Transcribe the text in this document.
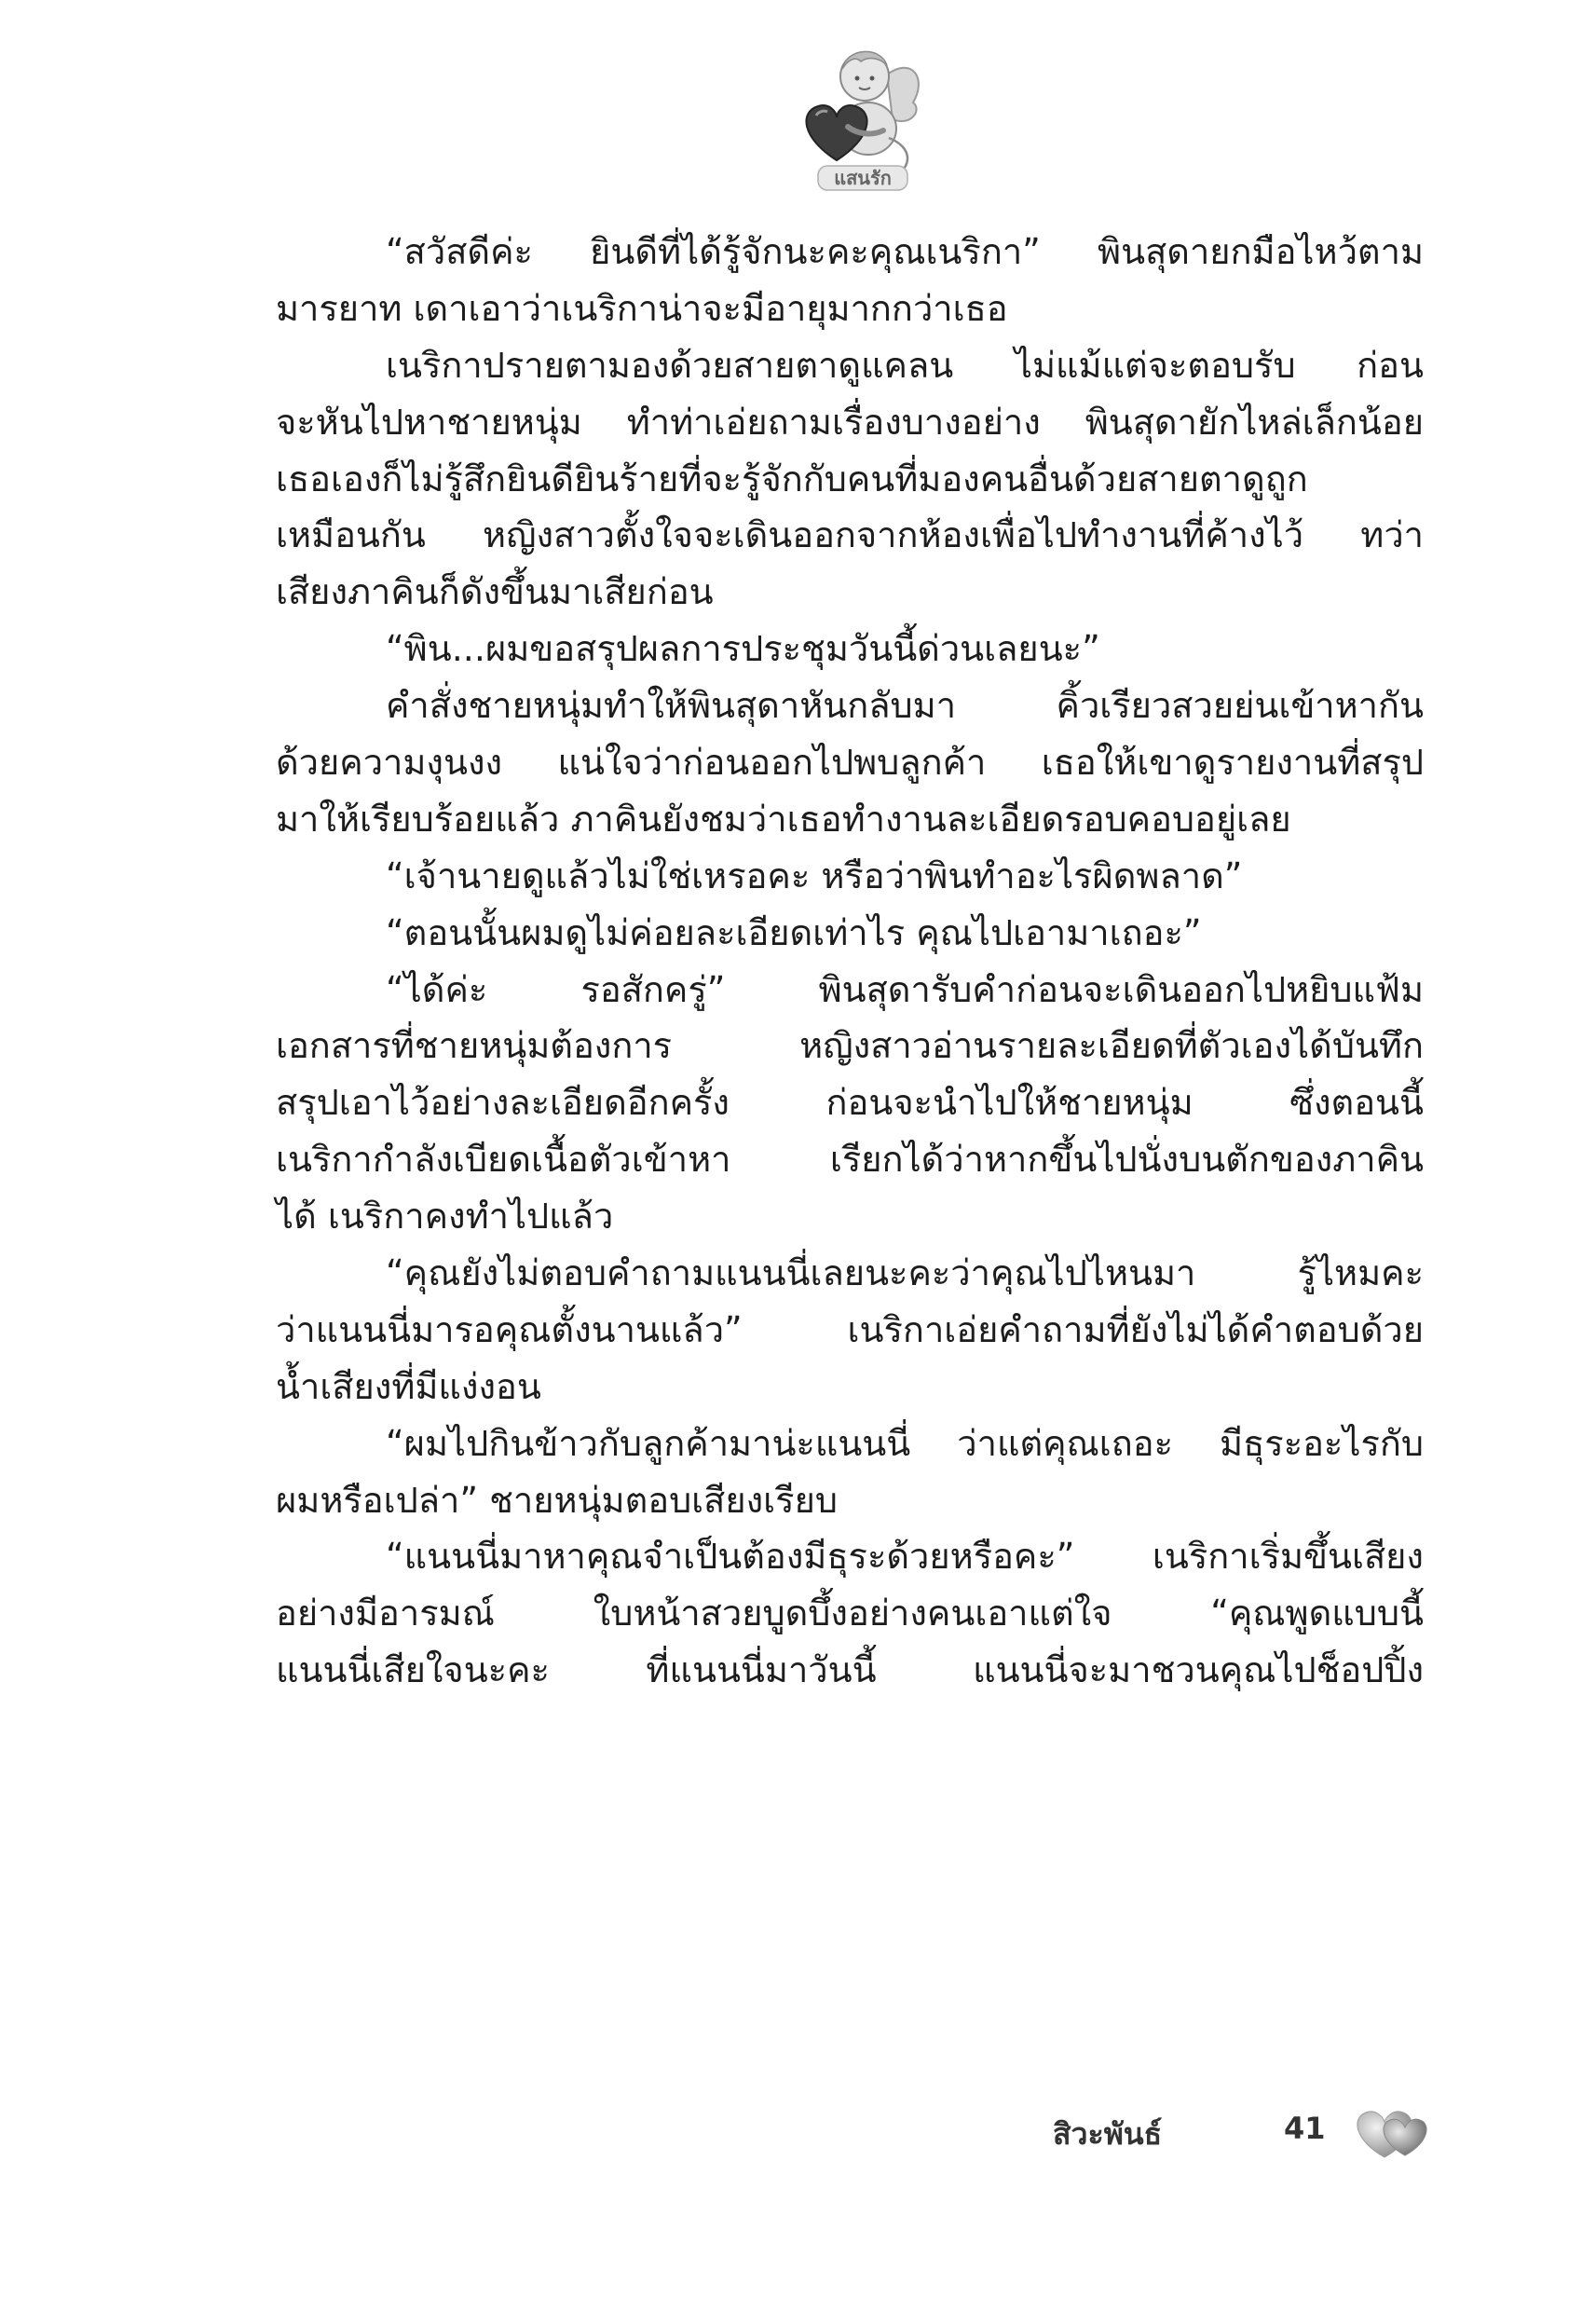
แสนรัก
“สวัสดีค่ะ ยินดีที่ได้รู้จักนะคะคุณเนริกา” พินสุดายกมือไหว้ตาม
มารยาท เดาเอาว่าเนริกาน่าจะมีอายุมากกว่าเธอ
เนริกาปรายตามองด้วยสายตาดูแคลน ไม่แม้แต่จะตอบรับ ก่อน
จะหันไปหาชายหนุ่ม ทำท่าเอ่ยถามเรื่องบางอย่าง พินสุดายักไหล่เล็กน้อย
เธอเองก็ไม่รู้สึกยินดียินร้ายที่จะรู้จักกับคนที่มองคนอื่นด้วยสายตาดูถูก
เหมือนกัน หญิงสาวตั้งใจจะเดินออกจากห้องเพื่อไปทำงานที่ค้างไว้ ทว่า
เสียงภาคินก็ดังขึ้นมาเสียก่อน
“พิน...ผมขอสรุปผลการประชุมวันนี้ด่วนเลยนะ”
คำสั่งชายหนุ่มทำให้พินสุดาหันกลับมา คิ้วเรียวสวยย่นเข้าหากัน
ด้วยความงุนงง แน่ใจว่าก่อนออกไปพบลูกค้า เธอให้เขาดูรายงานที่สรุป
มาให้เรียบร้อยแล้ว ภาคินยังชมว่าเธอทำงานละเอียดรอบคอบอยู่เลย
“เจ้านายดูแล้วไม่ใช่เหรอคะ หรือว่าพินทำอะไรผิดพลาด”
“ตอนนั้นผมดูไม่ค่อยละเอียดเท่าไร คุณไปเอามาเถอะ”
“ได้ค่ะ รอสักครู่” พินสุดารับคำก่อนจะเดินออกไปหยิบแฟ้ม
เอกสารที่ชายหนุ่มต้องการ หญิงสาวอ่านรายละเอียดที่ตัวเองได้บันทึก
สรุปเอาไว้อย่างละเอียดอีกครั้ง ก่อนจะนำไปให้ชายหนุ่ม ซึ่งตอนนี้
เนริกากำลังเบียดเนื้อตัวเข้าหา เรียกได้ว่าหากขึ้นไปนั่งบนตักของภาคิน
ได้ เนริกาคงทำไปแล้ว
“คุณยังไม่ตอบคำถามแนนนี่เลยนะคะว่าคุณไปไหนมา รู้ไหมคะ
ว่าแนนนี่มารอคุณตั้งนานแล้ว” เนริกาเอ่ยคำถามที่ยังไม่ได้คำตอบด้วย
น้ำเสียงที่มีแง่งอน
“ผมไปกินข้าวกับลูกค้ามาน่ะแนนนี่ ว่าแต่คุณเถอะ มีธุระอะไรกับ
ผมหรือเปล่า” ชายหนุ่มตอบเสียงเรียบ
“แนนนี่มาหาคุณจำเป็นต้องมีธุระด้วยหรือคะ” เนริกาเริ่มขึ้นเสียง
อย่างมีอารมณ์ ใบหน้าสวยบูดบึ้งอย่างคนเอาแต่ใจ “คุณพูดแบบนี้
แนนนี่เสียใจนะคะ ที่แนนนี่มาวันนี้ แนนนี่จะมาชวนคุณไปช็อปปิ้ง
สิวะพันธ์	41
